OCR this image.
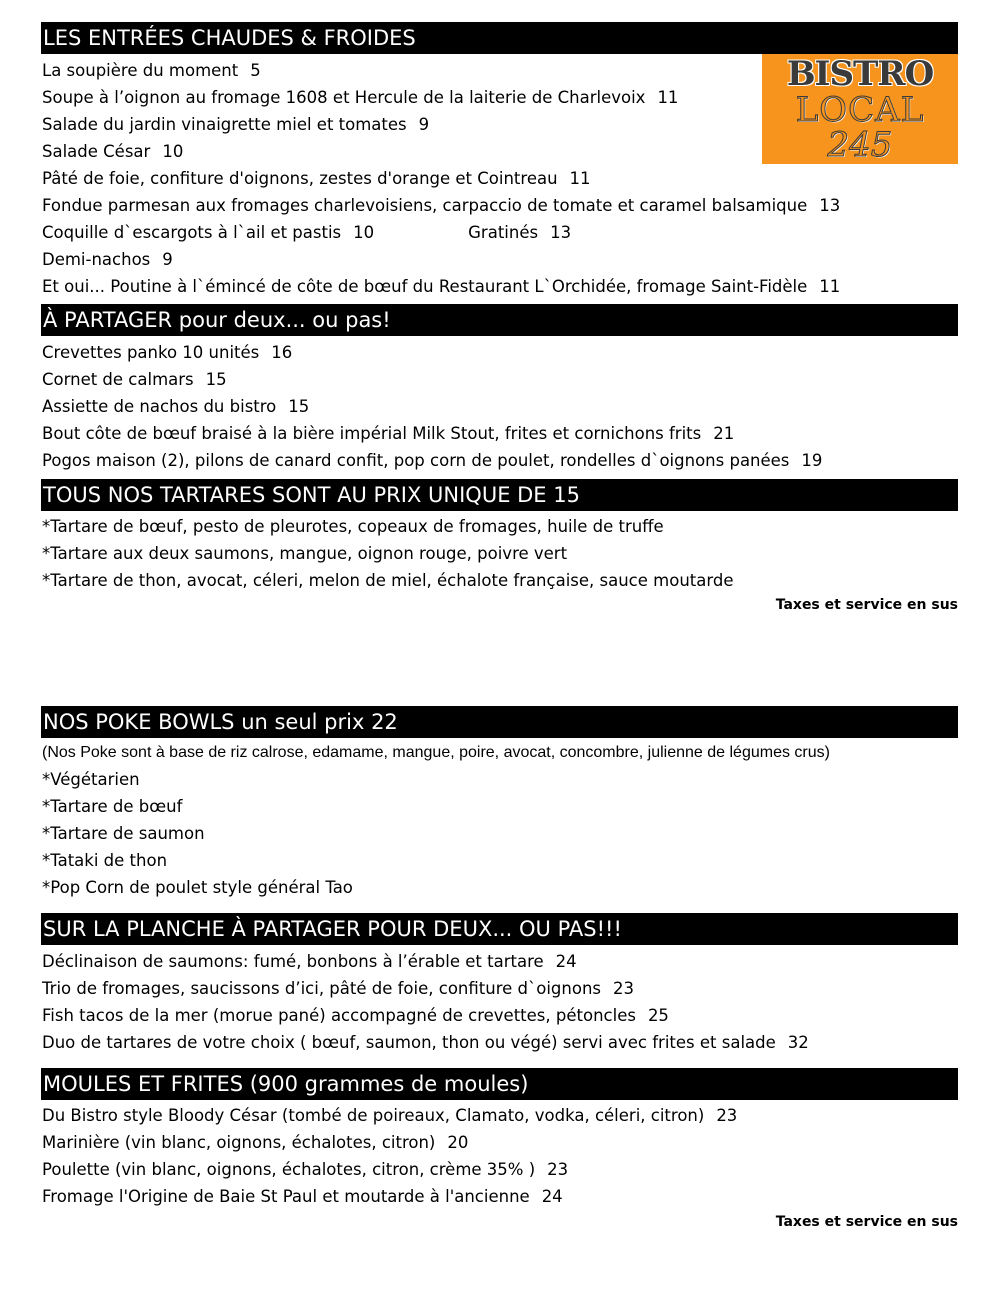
BISTRO
LOCAL
245
LES ENTRÉES CHAUDES & FROIDES
La soupière du moment 5
Soupe à l’oignon au fromage 1608 et Hercule de la laiterie de Charlevoix 11
Salade du jardin vinaigrette miel et tomates 9
Salade César 10
Pâté de foie, confiture d'oignons, zestes d'orange et Cointreau 11
Fondue parmesan aux fromages charlevoisiens, carpaccio de tomate et caramel balsamique 13
Coquille d`escargots à l`ail et pastis 10	Gratinés 13
Demi-nachos 9
Et oui... Poutine à l`émincé de côte de bœuf du Restaurant L`Orchidée, fromage Saint-Fidèle 11
À PARTAGER pour deux... ou pas!
Crevettes panko 10 unités 16
Cornet de calmars 15
Assiette de nachos du bistro 15
Bout côte de bœuf braisé à la bière impérial Milk Stout, frites et cornichons frits 21
Pogos maison (2), pilons de canard confit, pop corn de poulet, rondelles d`oignons panées 19
TOUS NOS TARTARES SONT AU PRIX UNIQUE DE 15
*Tartare de bœuf, pesto de pleurotes, copeaux de fromages, huile de truffe
*Tartare aux deux saumons, mangue, oignon rouge, poivre vert
*Tartare de thon, avocat, céleri, melon de miel, échalote française, sauce moutarde
Taxes et service en sus
NOS POKE BOWLS un seul prix 22
(Nos Poke sont à base de riz calrose, edamame, mangue, poire, avocat, concombre, julienne de légumes crus)
*Végétarien
*Tartare de bœuf
*Tartare de saumon
*Tataki de thon
*Pop Corn de poulet style général Tao
SUR LA PLANCHE À PARTAGER POUR DEUX... OU PAS!!!
Déclinaison de saumons: fumé, bonbons à l’érable et tartare 24
Trio de fromages, saucissons d’ici, pâté de foie, confiture d`oignons 23
Fish tacos de la mer (morue pané) accompagné de crevettes, pétoncles 25
Duo de tartares de votre choix ( bœuf, saumon, thon ou végé) servi avec frites et salade 32
MOULES ET FRITES (900 grammes de moules)
Du Bistro style Bloody César (tombé de poireaux, Clamato, vodka, céleri, citron) 23
Marinière (vin blanc, oignons, échalotes, citron) 20
Poulette (vin blanc, oignons, échalotes, citron, crème 35% ) 23
Fromage l'Origine de Baie St Paul et moutarde à l'ancienne 24
Taxes et service en sus
